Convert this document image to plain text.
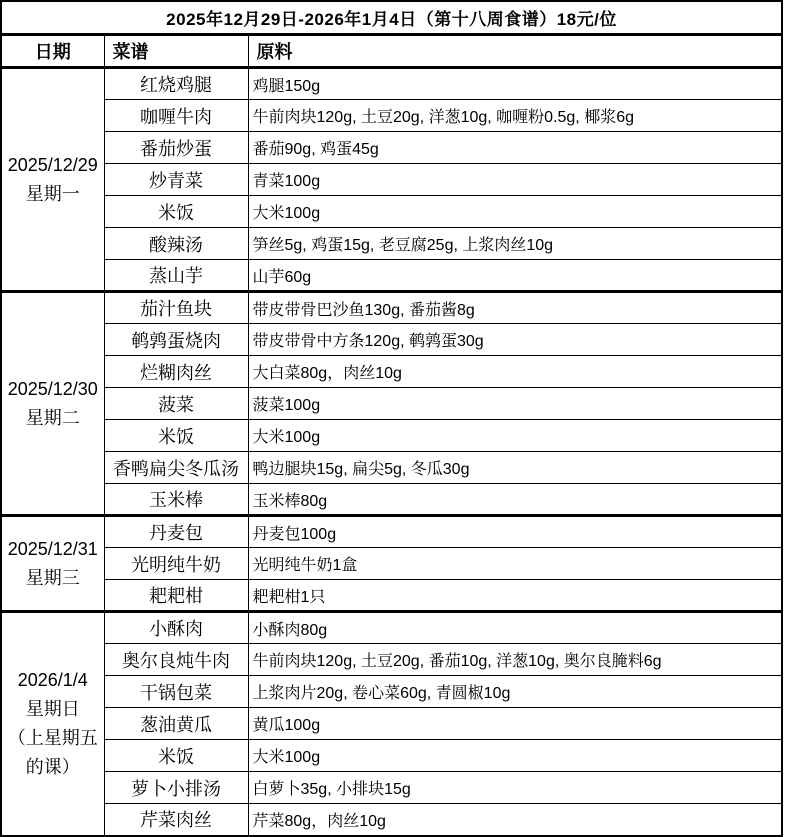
2025年12月29日-2026年1月4日（第十八周食谱）18元/位		
日期	菜谱	原料

2025/12/29
星期一	红烧鸡腿	鸡腿150g
	咖喱牛肉	牛前肉块120g, 土豆20g, 洋葱10g, 咖喱粉0.5g, 椰浆6g
	番茄炒蛋	番茄90g, 鸡蛋45g
	炒青菜	青菜100g
	米饭	大米100g
	酸辣汤	笋丝5g, 鸡蛋15g, 老豆腐25g, 上浆肉丝10g
	蒸山芋	山芋60g

2025/12/30
星期二	茄汁鱼块	带皮带骨巴沙鱼130g, 番茄酱8g
	鹌鹑蛋烧肉	带皮带骨中方条120g, 鹌鹑蛋30g
	烂糊肉丝	大白菜80g，肉丝10g
	菠菜	菠菜100g
	米饭	大米100g
	香鸭扁尖冬瓜汤	鸭边腿块15g, 扁尖5g, 冬瓜30g
	玉米棒	玉米棒80g

2025/12/31
星期三	丹麦包	丹麦包100g
	光明纯牛奶	光明纯牛奶1盒
	耙耙柑	耙耙柑1只

2026/1/4
星期日
（上星期五
的课）	小酥肉	小酥肉80g
	奥尔良炖牛肉	牛前肉块120g, 土豆20g, 番茄10g, 洋葱10g, 奥尔良腌料6g
	干锅包菜	上浆肉片20g, 卷心菜60g, 青圆椒10g
	葱油黄瓜	黄瓜100g
	米饭	大米100g
	萝卜小排汤	白萝卜35g, 小排块15g
	芹菜肉丝	芹菜80g，肉丝10g
